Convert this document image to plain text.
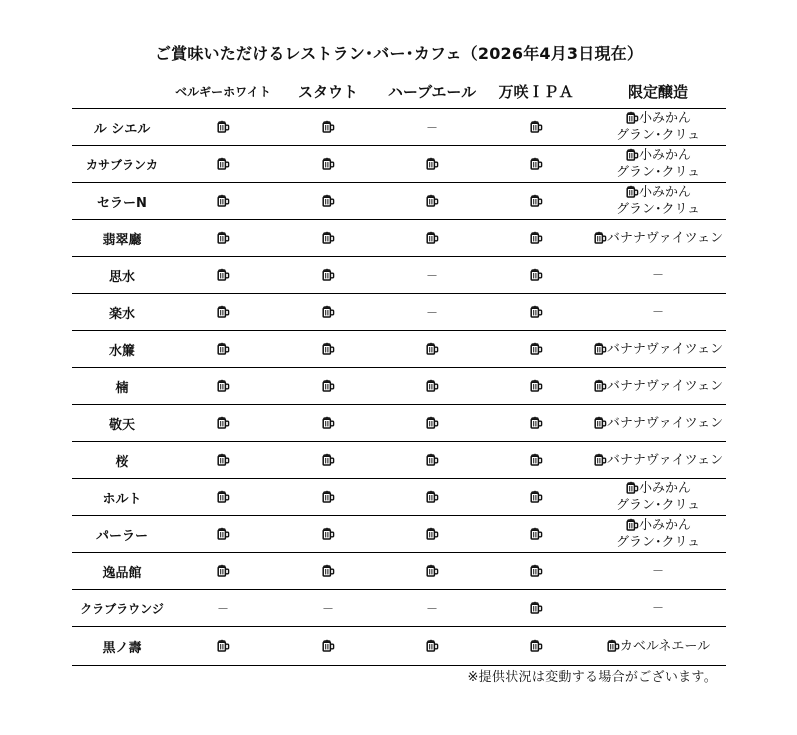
ご賞味いただけるレストラン･バー･カフェ（2026年4月3日現在）
	ベルギーホワイト	スタウト	ハーブエール	万咲ＩＰＡ	限定醸造
ル シエル			－		小みかん
グラン･クリュ

カサブランカ					小みかん
グラン･クリュ

セラーN					小みかん
グラン･クリュ

翡翠廳					バナナヴァイツェン

思水			－		－
楽水			－		－
水簾					バナナヴァイツェン

楠					バナナヴァイツェン

敬天					バナナヴァイツェン

桜					バナナヴァイツェン

ホルト					小みかん
グラン･クリュ

パーラー					小みかん
グラン･クリュ

逸品館					－
クラブラウンジ	－	－	－		－
黒ノ壽					カベルネエール
※提供状況は変動する場合がございます。
